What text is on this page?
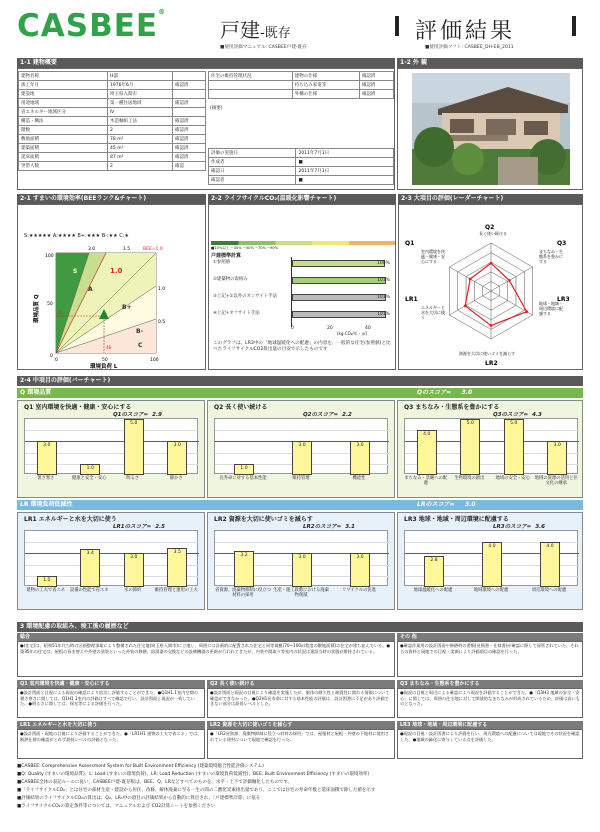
CASBEE®
戸建-既存
■使用評価マニュアル: CASBEE戸建-既存
評価結果
■使用評価ソフト: CASBEE_DH-EB_2011
1-1 建物概要
建物名称	H邸	
竣工年月	1976年6月	確認済
建設地	埼玉県入間市	
用途地域	第一種住居地域	確認済
省エネルギー地域区分	Ⅳ	
構造・構法	木造軸組工法	確認済
階数	2	確認済
敷地面積	78 m²	確認済
建築面積	45 m²	確認済
延床面積	87 m²	確認済
世帯人数	2	確認
住宅の維持管理状況	建物の仕様	確認済
	持ち込み家電等	確認済
	外構の仕様	確認済
(摘要)
評価の実施日	2011年7月1日
作成者	■
確認日	2011年7月1日
確認者	■
1-2 外 観
2-1 すまいの環境効率(BEEランク&チャート)
S:★★★★★ A:★★★★ B+:★★★ B-:★★ C:★
S
A
B+
B-
C
1.0
3.0	1.5	BEE=1.0
1.0
0.5
100
50
0
62
48
0	50	100
環境負荷 L
環境品質 Q
2-2 ライフサイクルCO₂(温暖化影響チャート)
■10%以上 ~30% ~50% ~70% ~90%
戸建標準計算
①参照値	100%
②建築物の取組み	101%
③上記+②以外のオンサイト手法	101%
④上記+オフサイト手法	101%
0	20	40
(kg-CO₂/年・㎡)
このグラフは、LR3中の「地球温暖化への配慮」の内容を、一般的な住宅(参照値)と比べたライフサイクルCO2排出量の目安で示したものです
2-3 大項目の評価(レーダーチャート)
Q2
Q3
LR3
LR2
LR1
Q1
長く使い続ける
まちなみ・生態系を豊かにする
地球・地域・周辺環境に配慮する
資源を大切に使いゴミを減らす
エネルギーと水を大切に使う
室内環境を快適・健康・安心にする
2-4 中項目の評価(バーチャート)
Q 環境品質	Qのスコア= 3.0
LR 環境負荷低減性	LRのスコア= 3.0
Q1 室内環境を快適・健康・安心にする
Q1のスコア= 2.9
暑さ寒さ	健康と安全・安心	明るさ	静かさ
3.0
1.0
5.0
3.0
Q2 長く使い続ける
Q2のスコア= 2.2
長寿命に対する基本性能	維持管理	機能性
1.0
3.0	3.0
Q3 まちなみ・生態系を豊かにする
Q3のスコア= 4.3
まちなみ・景観への配慮
生物環境の創出	地域の安全・安心	地域の資源の活用と住文化の継承
4.0
5.0	5.0
3.0
LR1 エネルギーと水を大切に使う
LR1のスコア= 2.5
建物の工夫で省エネ	設備の性能で省エネ	水の節約	維持管理と運用の工夫
1.0
3.4
3.0
3.5
LR2 資源を大切に使いゴミを減らす
LR2のスコア= 3.1
省資源、廃棄物抑制に役立つ材料の採用
生産・施工段階における廃棄物削減
リサイクルの促進
3.2	3.0	3.0
LR3 地球・地域・周辺環境に配慮する
LR3のスコア= 3.6
地球温暖化への配慮	地域環境への配慮	周辺環境への配慮
2.8
4.0	4.0
3 環境配慮の取組み、竣工後の履歴など
総合	その 他
●(住宅)は、昭和51年代当時の区画整理事業により整備された住宅地(埼玉県入間市)に立地し、周囲には計画的に配置された住宅と同等規模(70~100㎡程度の敷地面積)の住宅が建ち並んでいる。●築35年の住宅は、屋根の葺き替えや外壁の塗装といった外装の修繕、給湯器の交換などの設備機器の更新が行われてきたが、内装や間取り等室内の状況は建設当時の状態が維持されている。
●確認作業用の設計図面や修繕時の書類(見積書・仕様書)が確認に際して保管されていた。それらの資料と現地での目視・実測により評価項目の確認を行った。
Q1 室内環境を快適・健康・安心にする	Q2 長く使い続ける	Q3 まちなみ・生態系を豊かにする
●設計図面と目視による現況の確認により宿泊し評価することができた。●Q1H1.1室内空間の暑さ寒さに関しては、Q1H1 1室内の評価はすべて確認で行い、設計図面と現況が一致していた。●明るさに関しては、採光等による評価を行った。
●設計図面と現況の目視により確認を実施したが、躯体の耐久性と耐震性に関わる情報について確認ができなかった。●Q2H1長寿命に対する基本性能の評価は、設計図書に不足があり評価できない部分は最低レベルとした。
●現況の目視と周辺による確認により現況を評価することができた。●「Q3H3 地域の安全・安心」に関しては、周囲の住宅地に対して開放的なまちなみが形成されているため、評価は高いものとなった。
LR1 エネルギーと水を大切に使う	LR2 資源を大切に使いゴミを減らす	LR3 地球・地域・周辺環境に配慮する
●設計図面・現地の目視により評価することができた。●「LR1H1 建物の工夫で省エネ」では、断熱仕様の確認がとれず最低レベルの評価となった。
●「LR2省資源、廃棄物抑制に役立つ材料の採用」では、屋根材と屋根・外壁の下地材に使用されている建材について現地で確認を行った。
●現況の目視・設計図書により評価を行い、周辺環境への配慮については現地でその状況を確認した。●地域の緑化に寄与している点を評価した。
■CASBEE: Comprehensive Assessment System for Built Environment Efficiency (建築環境総合性能評価システム)
■Q: Quality (すまいの環境品質)、L: Load (すまいの環境負荷)、LR: Load Reduction (すまいの環境負荷低減性)、BEE: Built Environment Efficiency (すまいの環境効率)
■CASBEE全体の表記ルールに従い、CASBEE戸建-既存版は、BEE、Q、LRなどすべてのものを、水平・上下で評価軸化したものです。
■「ライフサイクルCO₂」とは住宅の部材生産・建設から居住、改修、解体廃棄に至る一生の間の二酸化炭素排出量であり、ここでは住宅の寿命年数と延床面積で除した値を示す
■評価結果のライフサイクルCO₂の算出は、Q₂、LR₃中の項目の評価結果から自動的に算出され、「戸建標準計算」に依る
■ライフサイクルCO₂の算定条件等については、マニュアルおよび CO2計算シートを参照ください
